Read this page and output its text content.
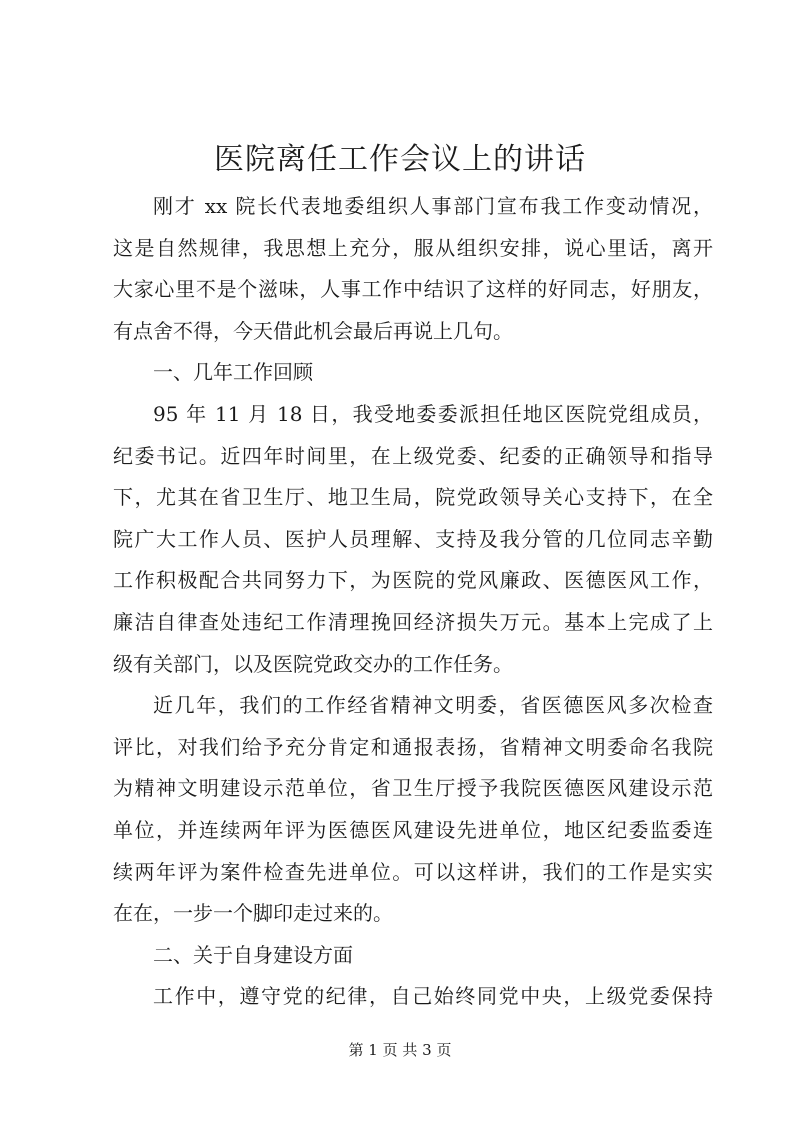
医院离任工作会议上的讲话
刚才 xx 院长代表地委组织人事部门宣布我工作变动情况，
这是自然规律，我思想上充分，服从组织安排，说心里话，离开
大家心里不是个滋味，人事工作中结识了这样的好同志，好朋友，
有点舍不得，今天借此机会最后再说上几句。
一、几年工作回顾
95 年 11 月 18 日，我受地委委派担任地区医院党组成员，
纪委书记。近四年时间里，在上级党委、纪委的正确领导和指导
下，尤其在省卫生厅、地卫生局，院党政领导关心支持下，在全
院广大工作人员、医护人员理解、支持及我分管的几位同志辛勤
工作积极配合共同努力下，为医院的党风廉政、医德医风工作，
廉洁自律查处违纪工作清理挽回经济损失万元。基本上完成了上
级有关部门，以及医院党政交办的工作任务。
近几年，我们的工作经省精神文明委，省医德医风多次检查
评比，对我们给予充分肯定和通报表扬，省精神文明委命名我院
为精神文明建设示范单位，省卫生厅授予我院医德医风建设示范
单位，并连续两年评为医德医风建设先进单位，地区纪委监委连
续两年评为案件检查先进单位。可以这样讲，我们的工作是实实
在在，一步一个脚印走过来的。
二、关于自身建设方面
工作中，遵守党的纪律，自己始终同党中央，上级党委保持
第 1 页 共 3 页
